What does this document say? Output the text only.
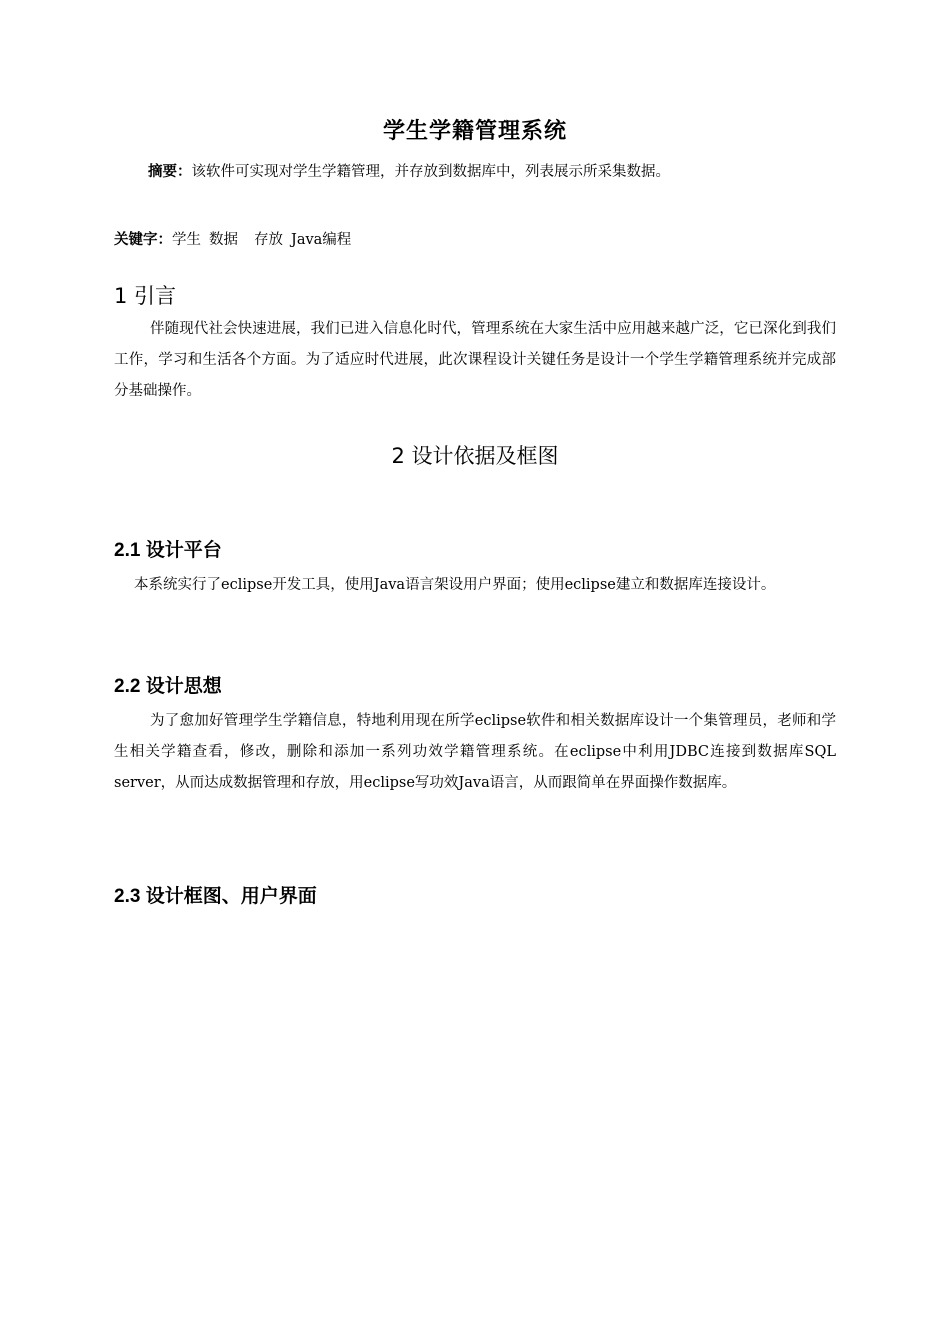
学生学籍管理系统
摘要：该软件可实现对学生学籍管理，并存放到数据库中，列表展示所采集数据。
关键字：学生 数据 存放 Java编程
1 引言

伴随现代社会快速进展，我们已进入信息化时代，管理系统在大家生活中应用越来越广泛，它已深化到我们工作，学习和生活各个方面。为了适应时代进展，此次课程设计关键任务是设计一个学生学籍管理系统并完成部分基础操作。

2 设计依据及框图
2.1 设计平台

本系统实行了eclipse开发工具，使用Java语言架设用户界面；使用eclipse建立和数据库连接设计。

2.2 设计思想

为了愈加好管理学生学籍信息，特地利用现在所学eclipse软件和相关数据库设计一个集管理员，老师和学生相关学籍查看，修改，删除和添加一系列功效学籍管理系统。在eclipse中利用JDBC连接到数据库SQL server，从而达成数据管理和存放，用eclipse写功效Java语言，从而跟简单在界面操作数据库。

2.3 设计框图、用户界面
